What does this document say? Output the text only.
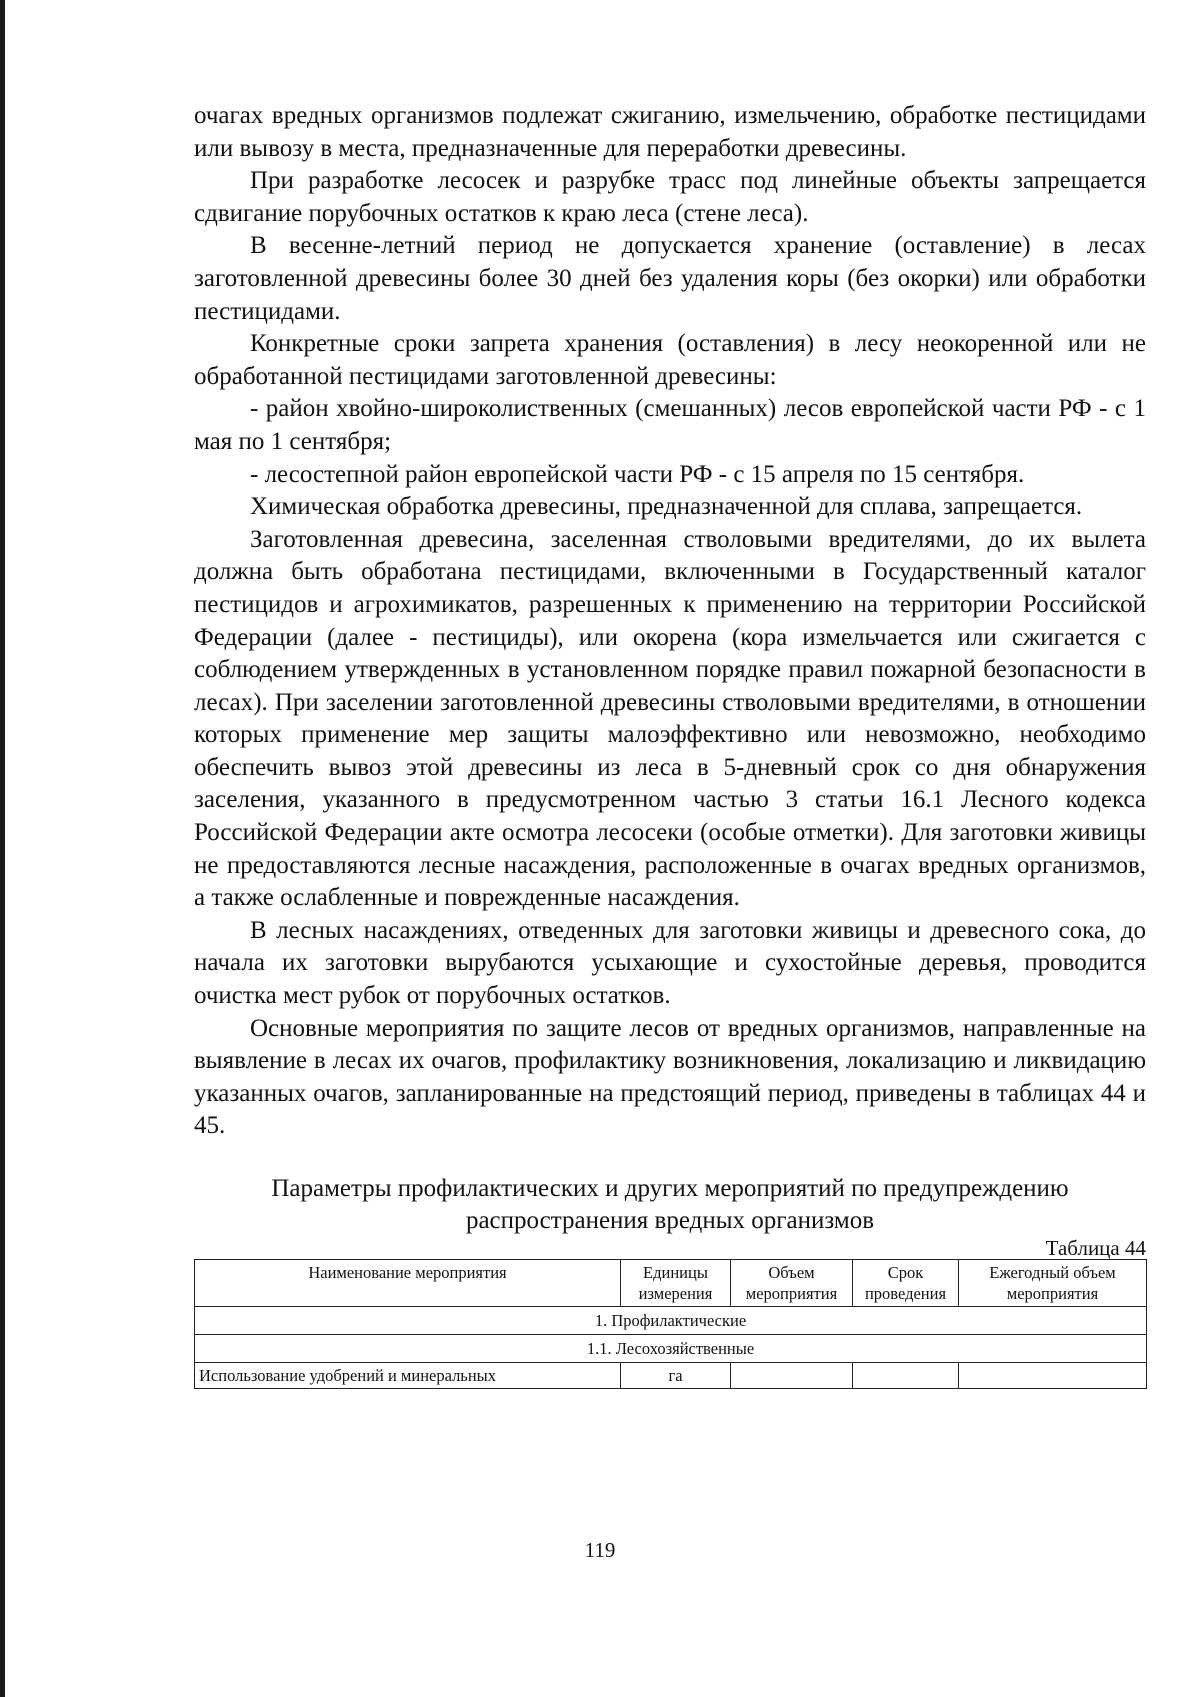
очагах вредных организмов подлежат сжиганию, измельчению, обработке пестицидами или вывозу в места, предназначенные для переработки древесины.

При разработке лесосек и разрубке трасс под линейные объекты запрещается сдвигание порубочных остатков к краю леса (стене леса).

В весенне-летний период не допускается хранение (оставление) в лесах заготовленной древесины более 30 дней без удаления коры (без окорки) или обработки пестицидами.

Конкретные сроки запрета хранения (оставления) в лесу неокоренной или не обработанной пестицидами заготовленной древесины:

- район хвойно-широколиственных (смешанных) лесов европейской части РФ - с 1 мая по 1 сентября;

- лесостепной район европейской части РФ - с 15 апреля по 15 сентября.

Химическая обработка древесины, предназначенной для сплава, запрещается.

Заготовленная древесина, заселенная стволовыми вредителями, до их вылета должна быть обработана пестицидами, включенными в Государственный каталог пестицидов и агрохимикатов, разрешенных к применению на территории Российской Федерации (далее - пестициды), или окорена (кора измельчается или сжигается с соблюдением утвержденных в установленном порядке правил пожарной безопасности в лесах). При заселении заготовленной древесины стволовыми вредителями, в отношении которых применение мер защиты малоэффективно или невозможно, необходимо обеспечить вывоз этой древесины из леса в 5-дневный срок со дня обнаружения заселения, указанного в предусмотренном частью 3 статьи 16.1 Лесного кодекса Российской Федерации акте осмотра лесосеки (особые отметки). Для заготовки живицы не предоставляются лесные насаждения, расположенные в очагах вредных организмов, а также ослабленные и поврежденные насаждения.

В лесных насаждениях, отведенных для заготовки живицы и древесного сока, до начала их заготовки вырубаются усыхающие и сухостойные деревья, проводится очистка мест рубок от порубочных остатков.

Основные мероприятия по защите лесов от вредных организмов, направленные на выявление в лесах их очагов, профилактику возникновения, локализацию и ликвидацию указанных очагов, запланированные на предстоящий период, приведены в таблицах 44 и 45.

Параметры профилактических и других мероприятий по предупреждению распространения вредных организмов
Таблица 44
Наименование мероприятия	Единицы измерения	Объем мероприятия	Срок проведения	Ежегодный объем мероприятия
1. Профилактические				
1.1. Лесохозяйственные				
Использование удобрений и минеральных	га			
119
